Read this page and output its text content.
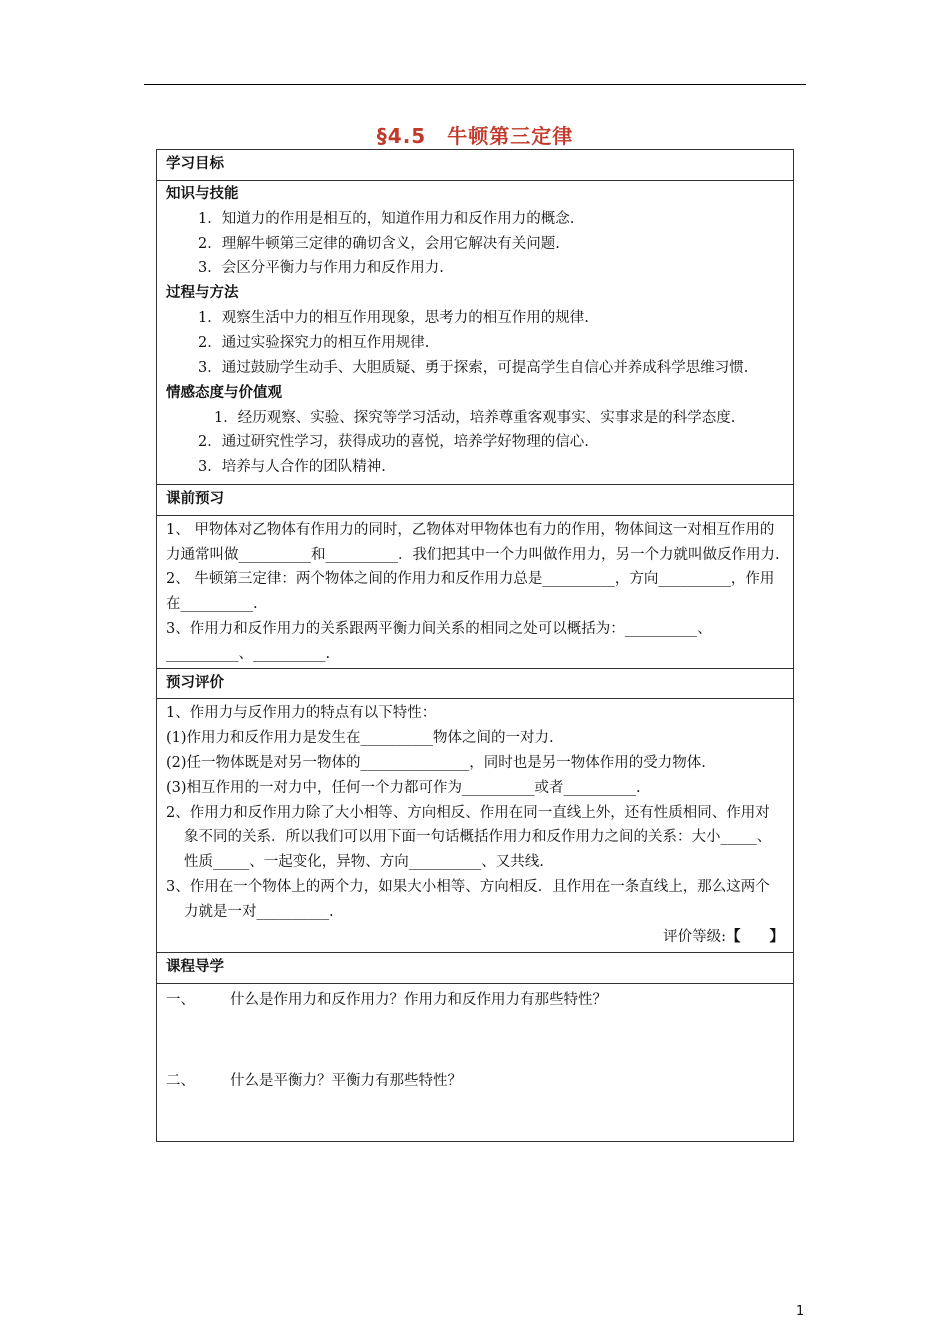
§4.5　牛顿第三定律
学习目标

知识与技能
1．知道力的作用是相互的，知道作用力和反作用力的概念.
2．理解牛顿第三定律的确切含义，会用它解决有关问题.
3．会区分平衡力与作用力和反作用力.
过程与方法
1．观察生活中力的相互作用现象，思考力的相互作用的规律.
2．通过实验探究力的相互作用规律.
3．通过鼓励学生动手、大胆质疑、勇于探索，可提高学生自信心并养成科学思维习惯.
情感态度与价值观
1．经历观察、实验、探究等学习活动，培养尊重客观事实、实事求是的科学态度.
2．通过研究性学习，获得成功的喜悦，培养学好物理的信心.
3．培养与人合作的团队精神.

课前预习

1、 甲物体对乙物体有作用力的同时，乙物体对甲物体也有力的作用，物体间这一对相互作用的力通常叫做__________和__________．我们把其中一个力叫做作用力，另一个力就叫做反作用力.
2、 牛顿第三定律：两个物体之间的作用力和反作用力总是__________，方向__________，作用在__________.
3、作用力和反作用力的关系跟两平衡力间关系的相同之处可以概括为：__________、__________、__________.

预习评价

1、作用力与反作用力的特点有以下特性：
(1)作用力和反作用力是发生在__________物体之间的一对力.
(2)任一物体既是对另一物体的_______________，同时也是另一物体作用的受力物体.
(3)相互作用的一对力中，任何一个力都可作为__________或者__________.
2、作用力和反作用力除了大小相等、方向相反、作用在同一直线上外，还有性质相同、作用对象不同的关系．所以我们可以用下面一句话概括作用力和反作用力之间的关系：大小_____、性质_____、一起变化，异物、方向__________、又共线.
3、作用在一个物体上的两个力，如果大小相等、方向相反．且作用在一条直线上，那么这两个力就是一对__________.
评价等级:【　　】

课程导学

一、	什么是作用力和反作用力？作用力和反作用力有那些特性？
二、	什么是平衡力？平衡力有那些特性？
1
